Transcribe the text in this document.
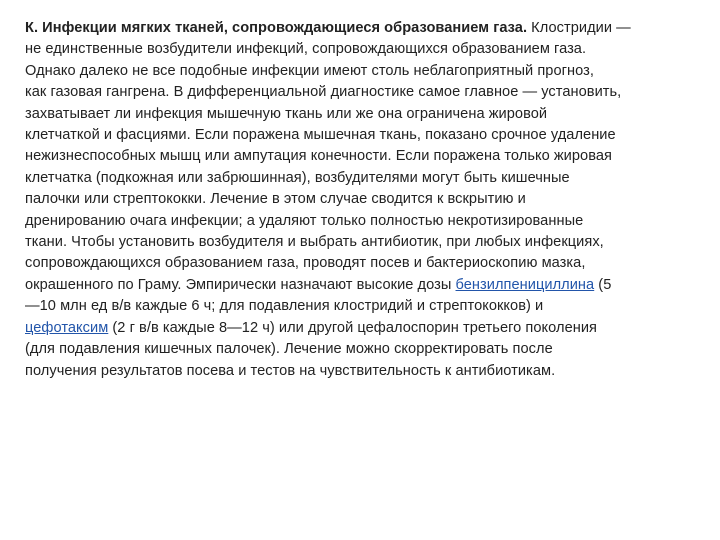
К. Инфекции мягких тканей, сопровождающиеся образованием газа. Клостридии —
не единственные возбудители инфекций, сопровождающихся образованием газа.
Однако далеко не все подобные инфекции имеют столь неблагоприятный прогноз,
как газовая гангрена. В дифференциальной диагностике самое главное — установить,
захватывает ли инфекция мышечную ткань или же она ограничена жировой
клетчаткой и фасциями. Если поражена мышечная ткань, показано срочное удаление
нежизнеспособных мышц или ампутация конечности. Если поражена только жировая
клетчатка (подкожная или забрюшинная), возбудителями могут быть кишечные
палочки или стрептококки. Лечение в этом случае сводится к вскрытию и
дренированию очага инфекции; а удаляют только полностью некротизированные
ткани. Чтобы установить возбудителя и выбрать антибиотик, при любых инфекциях,
сопровождающихся образованием газа, проводят посев и бактериоскопию мазка,
окрашенного по Граму. Эмпирически назначают высокие дозы бензилпенициллина (5
—10 млн ед в/в каждые 6 ч; для подавления клостридий и стрептококков) и
цефотаксим (2 г в/в каждые 8—12 ч) или другой цефалоспорин третьего поколения
(для подавления кишечных палочек). Лечение можно скорректировать после
получения результатов посева и тестов на чувствительность к антибиотикам.
